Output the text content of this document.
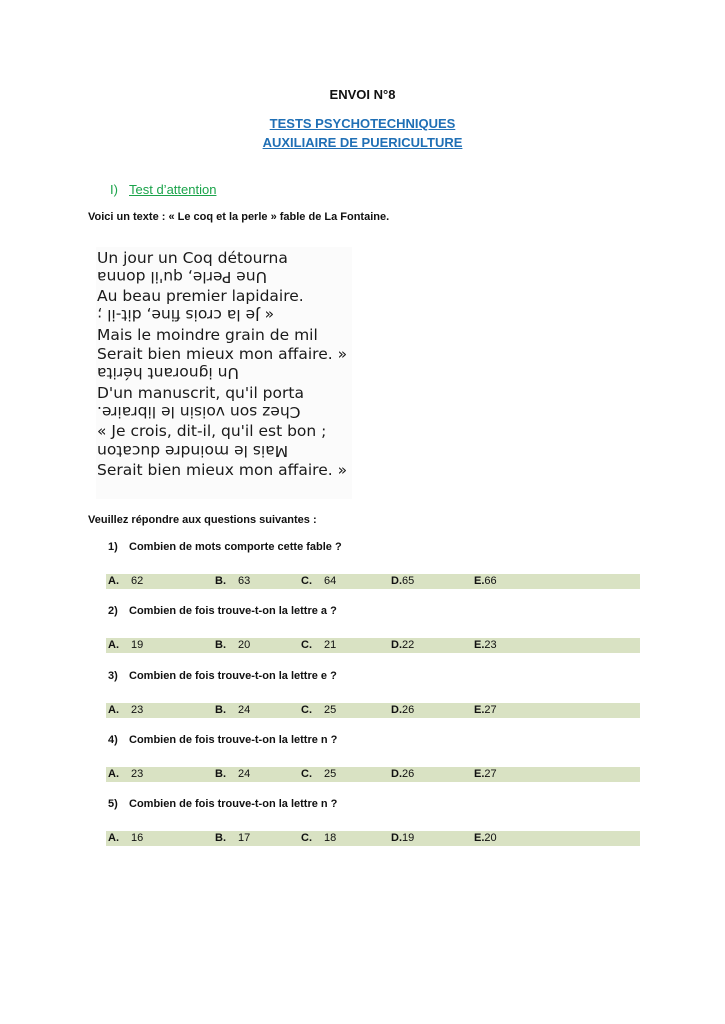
ENVOI N°8
TESTS PSYCHOTECHNIQUES
AUXILIAIRE DE PUERICULTURE
I) Test d’attention
Voici un texte : « Le coq et la perle » fable de La Fontaine.
Un jour un Coq détourna
Une Perle, qu'il donna
Au beau premier lapidaire.
« Je la crois fine, dit-il ;
Mais le moindre grain de mil
Serait bien mieux mon affaire. »
Un ignorant hérita
D'un manuscrit, qu'il porta
Chez son voisin le libraire.
« Je crois, dit-il, qu'il est bon ;
Mais le moindre ducaton
Serait bien mieux mon affaire. »
Veuillez répondre aux questions suivantes :
1) Combien de mots comporte cette fable ?
A. 62	B. 63	C. 64	D.65	E.66
2) Combien de fois trouve-t-on la lettre a ?
A. 19	B. 20	C. 21	D.22	E.23
3) Combien de fois trouve-t-on la lettre e ?
A. 23	B. 24	C. 25	D.26	E.27
4) Combien de fois trouve-t-on la lettre n ?
A. 23	B. 24	C. 25	D.26	E.27
5) Combien de fois trouve-t-on la lettre n ?
A. 16	B. 17	C. 18	D.19	E.20
